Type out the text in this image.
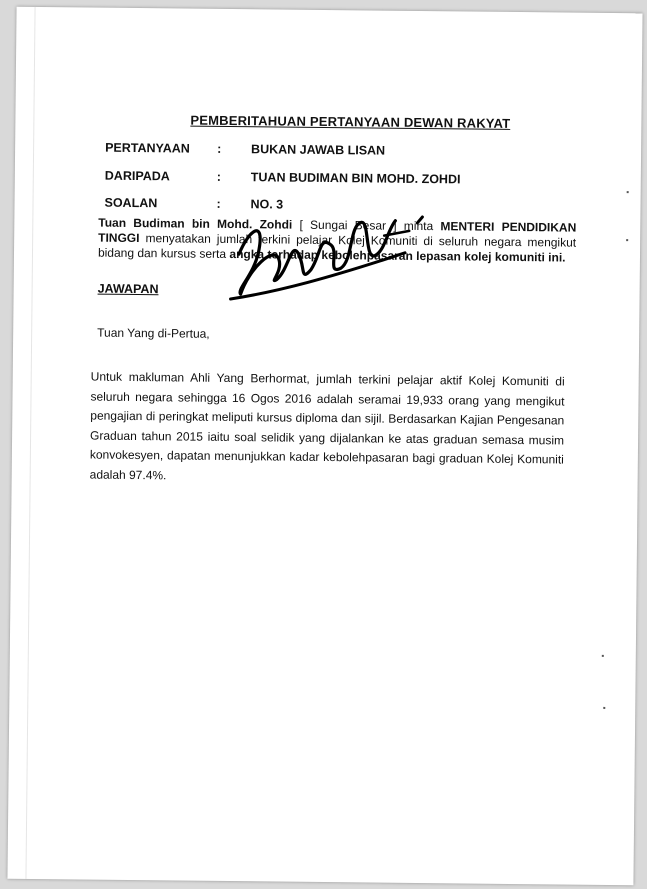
PEMBERITAHUAN PERTANYAAN DEWAN RAKYAT
PERTANYAAN	: BUKAN JAWAB LISAN
DARIPADA	: TUAN BUDIMAN BIN MOHD. ZOHDI
SOALAN	: NO. 3
Tuan Budiman bin Mohd. Zohdi [ Sungai Besar ] minta MENTERI PENDIDIKAN TINGGI menyatakan jumlah terkini pelajar Kolej Komuniti di seluruh negara mengikut bidang dan kursus serta angka terhadap kebolehpasaran lepasan kolej komuniti ini.
JAWAPAN
Tuan Yang di-Pertua,
Untuk makluman Ahli Yang Berhormat, jumlah terkini pelajar aktif Kolej Komuniti di seluruh negara sehingga 16 Ogos 2016 adalah seramai 19,933 orang yang mengikut pengajian di peringkat meliputi kursus diploma dan sijil. Berdasarkan Kajian Pengesanan Graduan tahun 2015 iaitu soal selidik yang dijalankan ke atas graduan semasa musim konvokesyen, dapatan menunjukkan kadar kebolehpasaran bagi graduan Kolej Komuniti adalah 97.4%.
